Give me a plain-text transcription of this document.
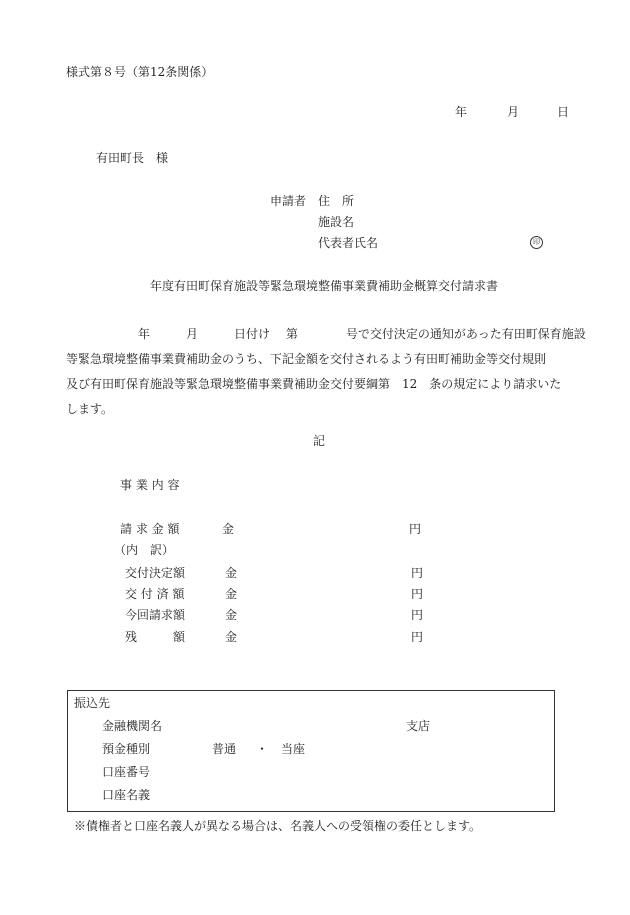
様式第８号（第12条関係）
年	月	日
有田町長　様
申請者 住　所
施設名
代表者氏名	印
年度有田町保育施設等緊急環境整備事業費補助金概算交付請求書
　　　　　　年　　　月　　　日付け　 第　　　　号で交付決定の通知があった有田町保育施設
等緊急環境整備事業費補助金のうち、下記金額を交付されるよう有田町補助金等交付規則
及び有田町保育施設等緊急環境整備事業費補助金交付要綱第　12　条の規定により請求いた
します。
記
事 業 内 容
請 求 金 額	金	円
（内　訳）
交付決定額	金	円
交 付 済 額	金	円
今回請求額	金	円
残　　　額	金	円
振込先
金融機関名	支店
預金種別	普通 ・ 当座
口座番号
口座名義
※債権者と口座名義人が異なる場合は、名義人への受領権の委任とします。
